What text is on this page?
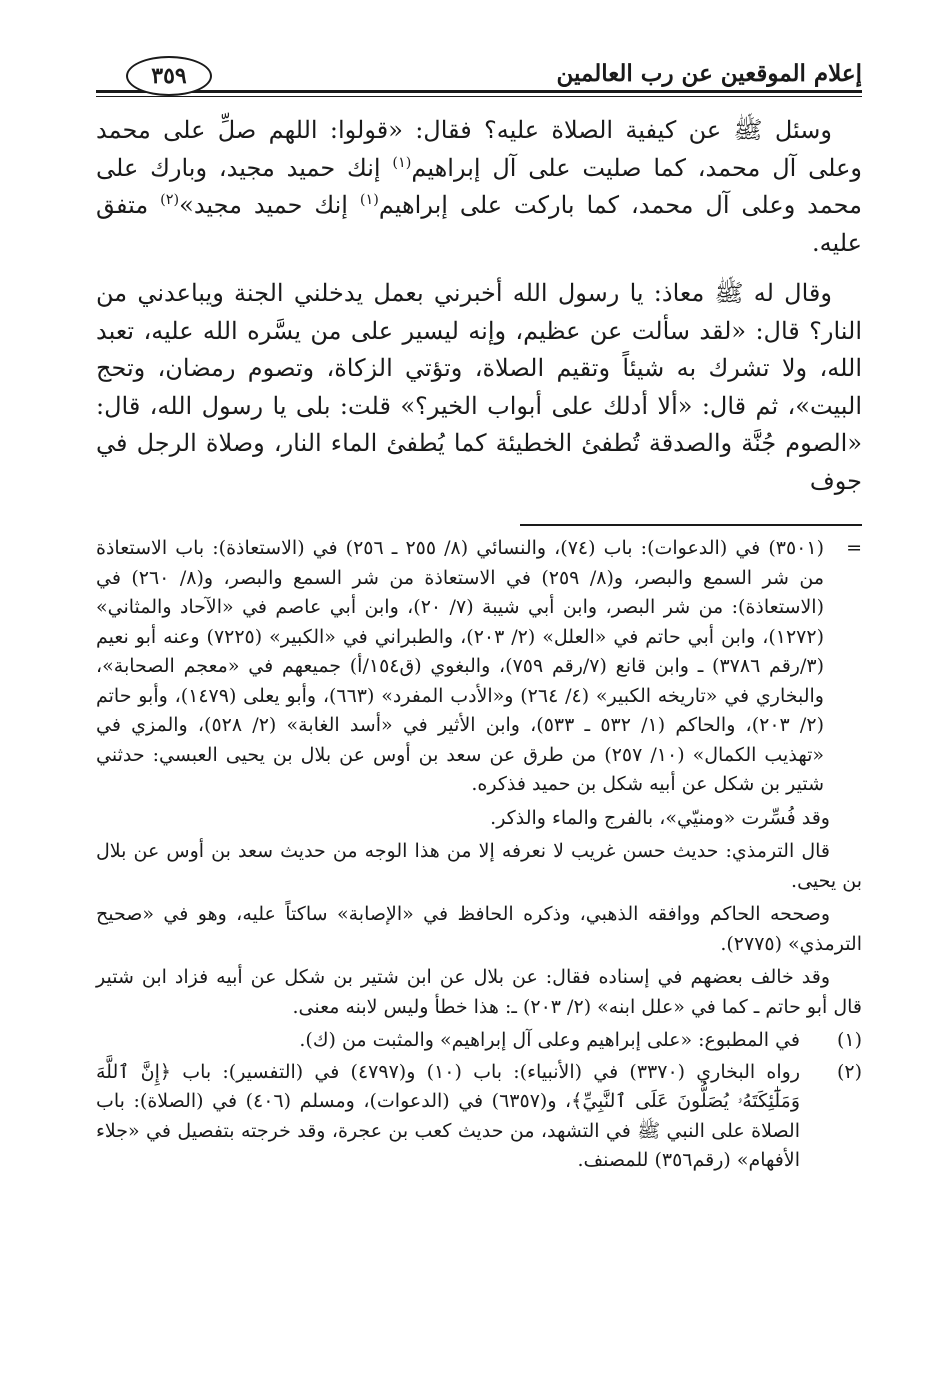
إعلام الموقعين عن رب العالمين
٣٥٩

وسئل ﷺ عن كيفية الصلاة عليه؟ فقال: «قولوا: اللهم صلِّ على محمد وعلى آل محمد، كما صليت على آل إبراهيم$^{(١)}$ إنك حميد مجيد، وبارك على محمد وعلى آل محمد، كما باركت على إبراهيم$^{(١)}$ إنك حميد مجيد»$^{(٢)}$ متفق عليه.

وقال له ﷺ معاذ: يا رسول الله أخبرني بعمل يدخلني الجنة ويباعدني من النار؟ قال: «لقد سألت عن عظيم، وإنه ليسير على من يسَّره الله عليه، تعبد الله، ولا تشرك به شيئاً وتقيم الصلاة، وتؤتي الزكاة، وتصوم رمضان، وتحج البيت»، ثم قال: «ألا أدلك على أبواب الخير؟» قلت: بلى يا رسول الله، قال: «الصوم جُنَّة والصدقة تُطفئ الخطيئة كما يُطفئ الماء النار، وصلاة الرجل في جوف

=
(٣٥٠١) في (الدعوات): باب (٧٤)، والنسائي (٨/ ٢٥٥ ـ ٢٥٦) في (الاستعاذة): باب الاستعاذة من شر السمع والبصر، و(٨/ ٢٥٩) في الاستعاذة من شر السمع والبصر، و(٨/ ٢٦٠) في (الاستعاذة): من شر البصر، وابن أبي شيبة (٧/ ٢٠)، وابن أبي عاصم في «الآحاد والمثاني» (١٢٧٢)، وابن أبي حاتم في «العلل» (٢/ ٢٠٣)، والطبراني في «الكبير» (٧٢٢٥) وعنه أبو نعيم (٣/رقم ٣٧٨٦) ـ وابن قانع (٧/رقم ٧٥٩)، والبغوي (ق١٥٤/أ) جميعهم في «معجم الصحابة»، والبخاري في «تاريخه الكبير» (٤/ ٢٦٤) و«الأدب المفرد» (٦٦٣)، وأبو يعلى (١٤٧٩)، وأبو حاتم (٢/ ٢٠٣)، والحاكم (١/ ٥٣٢ ـ ٥٣٣)، وابن الأثير في «أسد الغابة» (٢/ ٥٢٨)، والمزي في «تهذيب الكمال» (١٠/ ٢٥٧) من طرق عن سعد بن أوس عن بلال بن يحيى العبسي: حدثني شتير بن شكل عن أبيه شكل بن حميد فذكره.

وقد فُسِّرت «ومنيّي»، بالفرج والماء والذكر.

قال الترمذي: حديث حسن غريب لا نعرفه إلا من هذا الوجه من حديث سعد بن أوس عن بلال بن يحيى.

وصححه الحاكم ووافقه الذهبي، وذكره الحافظ في «الإصابة» ساكتاً عليه، وهو في «صحيح الترمذي» (٢٧٧٥).

وقد خالف بعضهم في إسناده فقال: عن بلال عن ابن شتير بن شكل عن أبيه فزاد ابن شتير قال أبو حاتم ـ كما في «علل ابنه» (٢/ ٢٠٣) ـ: هذا خطأ وليس لابنه معنى.

(١)
في المطبوع: «على إبراهيم وعلى آل إبراهيم» والمثبت من (ك).
(٢)
رواه البخاري (٣٣٧٠) في (الأنبياء): باب (١٠) و(٤٧٩٧) في (التفسير): باب ﴿إِنَّ ٱللَّهَ وَمَلَٰٓئِكَتَهُۥ يُصَلُّونَ عَلَى ٱلنَّبِيِّ﴾، و(٦٣٥٧) في (الدعوات)، ومسلم (٤٠٦) في (الصلاة): باب الصلاة على النبي ﷺ في التشهد، من حديث كعب بن عجرة، وقد خرجته بتفصيل في «جلاء الأفهام» (رقم٣٥٦) للمصنف.
